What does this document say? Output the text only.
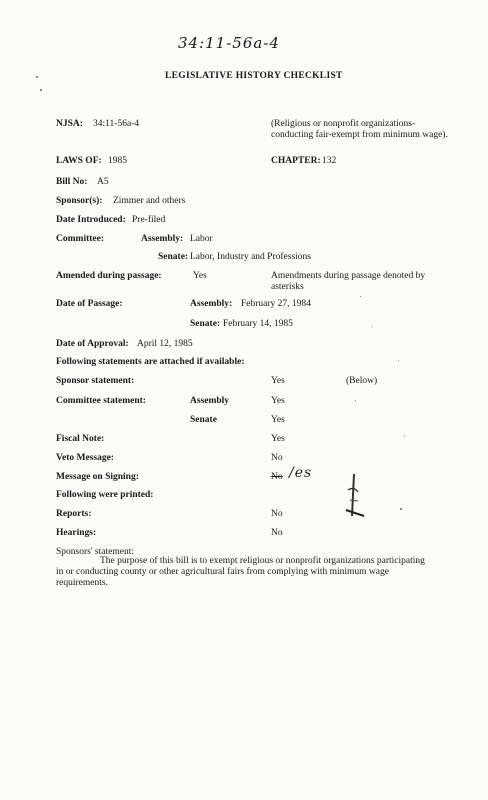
34:11-56a-4
LEGISLATIVE HISTORY CHECKLIST
NJSA: 34:11-56a-4	(Religious or nonprofit organizations-conducting fair-exempt from minimum wage).
LAWS OF: 1985	CHAPTER: 132
Bill No: A5
Sponsor(s): Zimmer and others
Date Introduced: Pre-filed
Committee:	Assembly: Labor
Senate: Labor, Industry and Professions
Amended during passage:	Yes	Amendments during passage denoted by asterisks
Date of Passage:	Assembly: February 27, 1984
Senate: February 14, 1985
Date of Approval: April 12, 1985
Following statements are attached if available:
Sponsor statement:	Yes	(Below)
Committee statement:	Assembly	Yes
Senate	Yes
Fiscal Note:	Yes
Veto Message:	No
Message on Signing:	No /es
Following were printed:
Reports:	No
Hearings:	No
Sponsors' statement:
The purpose of this bill is to exempt religious or nonprofit organizations participating in or conducting county or other agricultural fairs from complying with minimum wage requirements.
